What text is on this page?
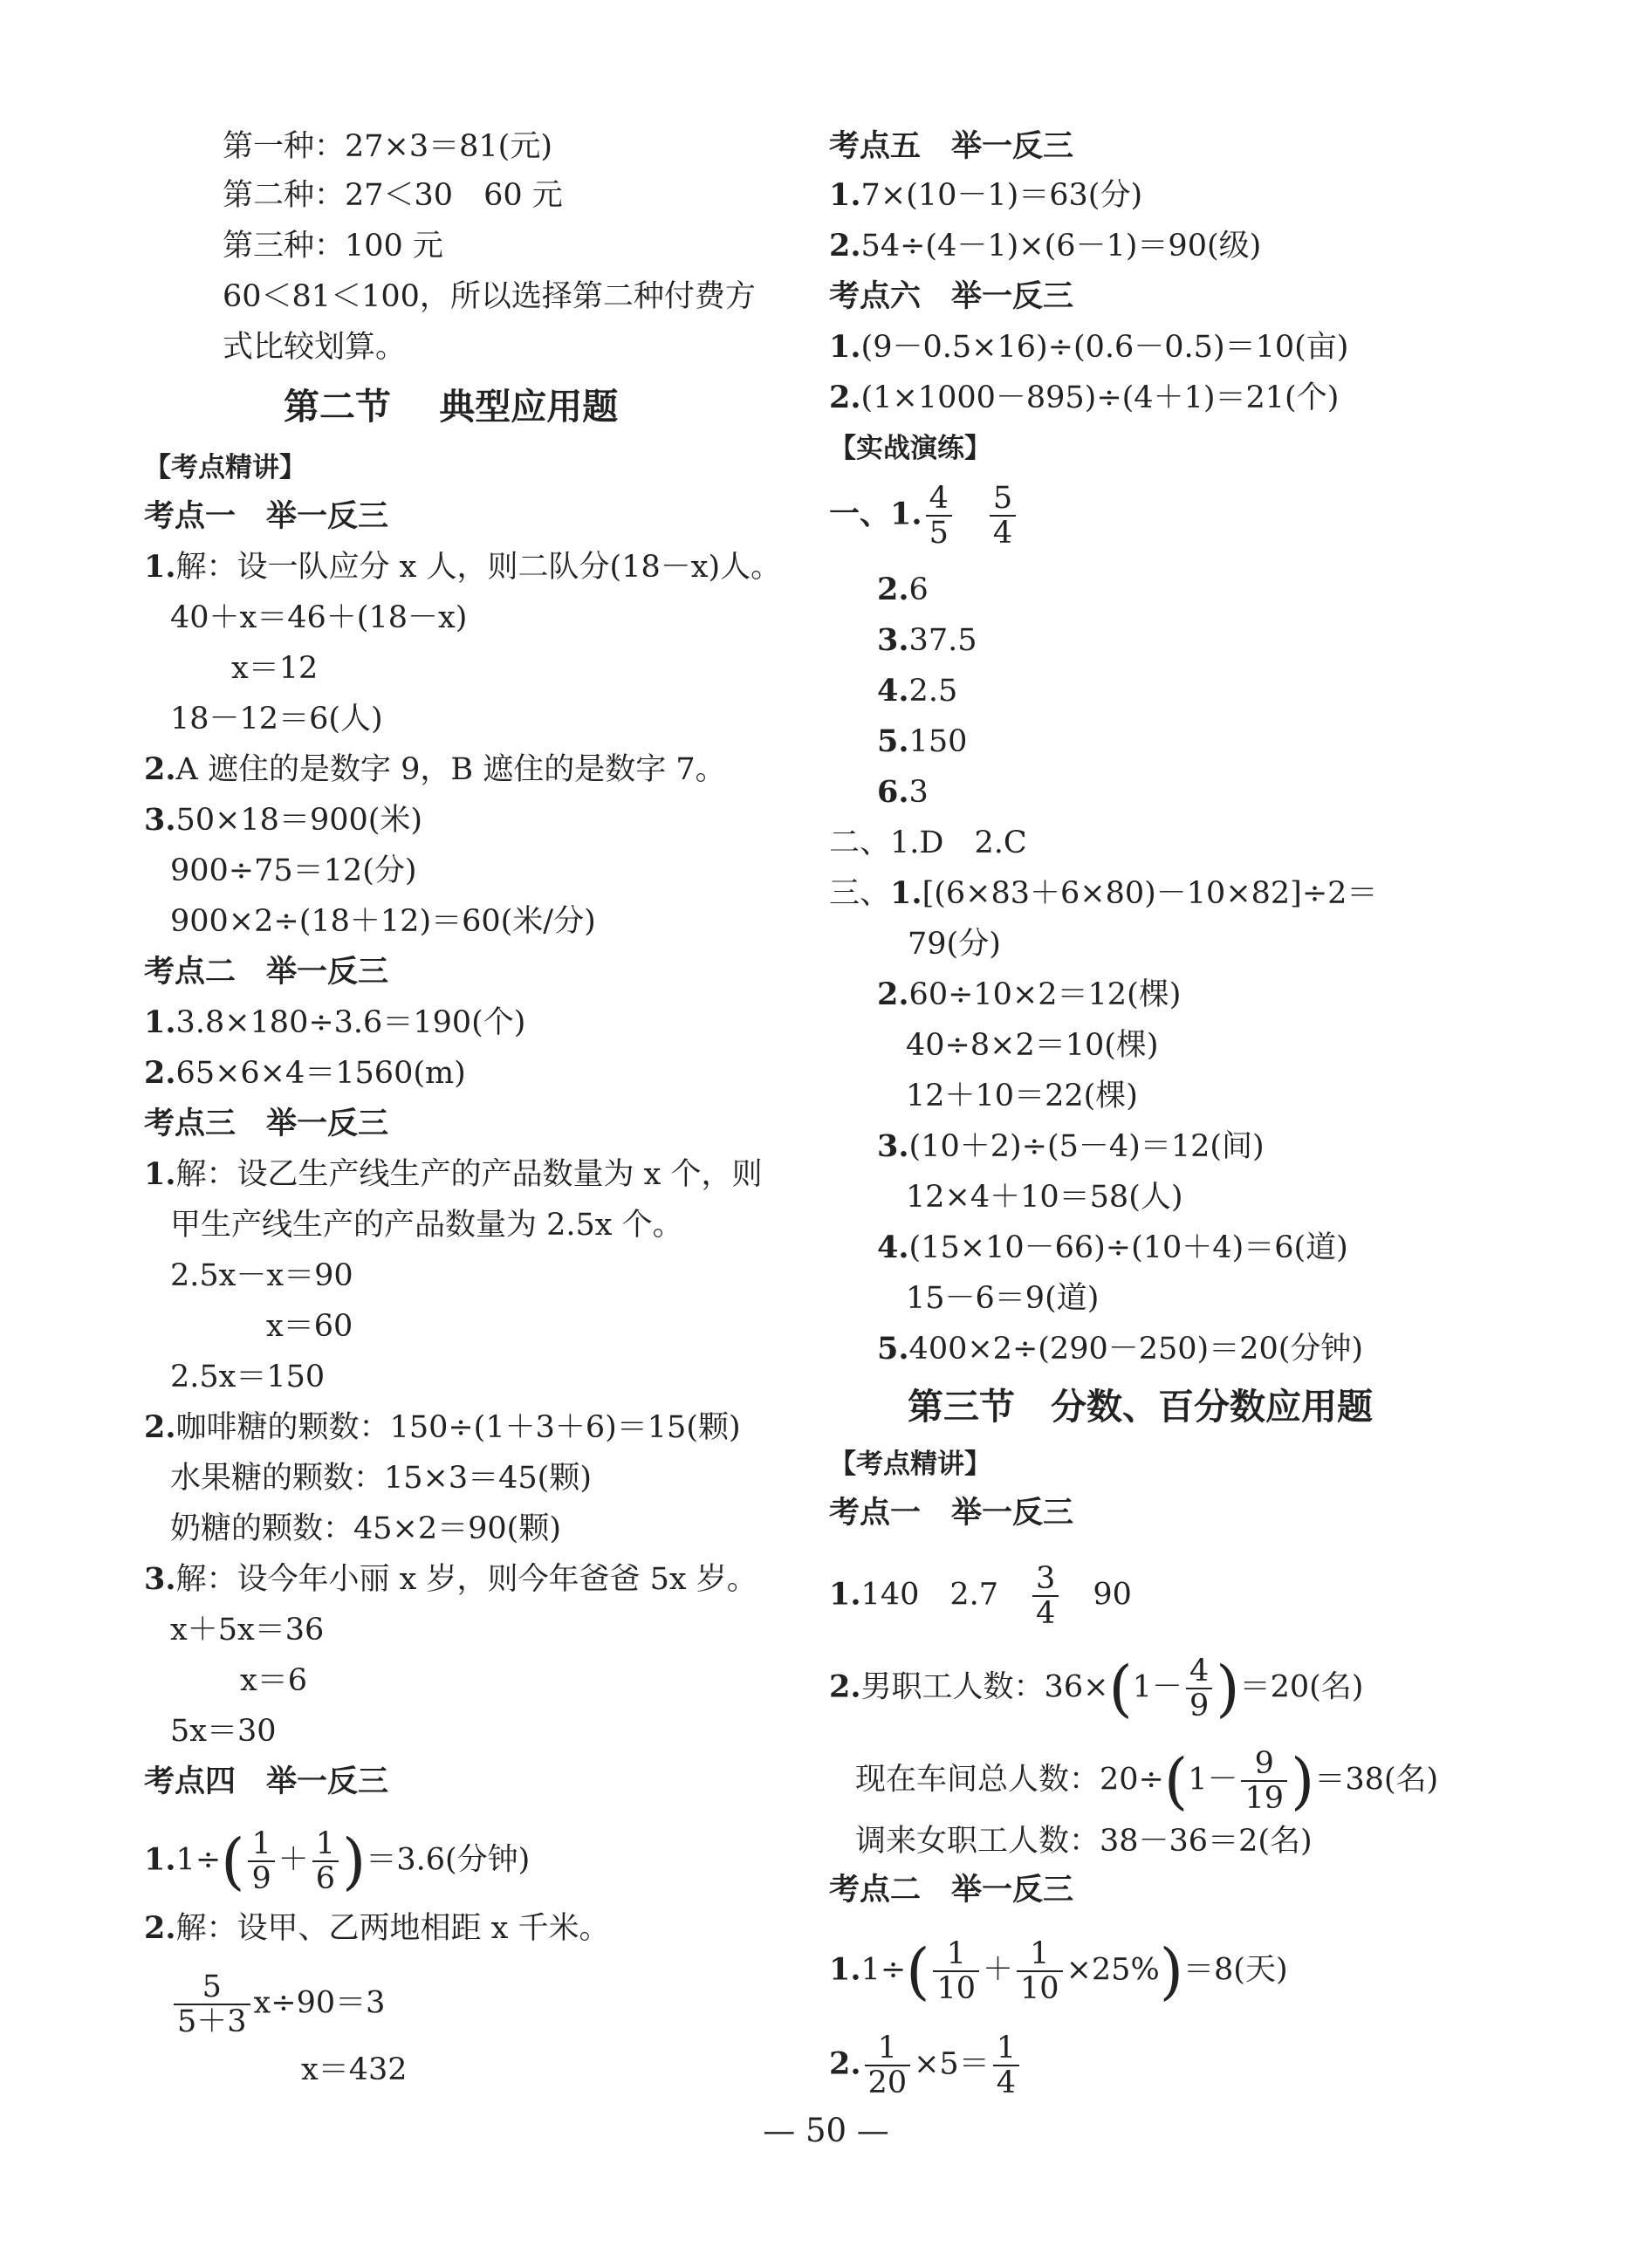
第一种：27×3＝81(元)
第二种：27＜30　60 元
第三种：100 元
60＜81＜100，所以选择第二种付费方
式比较划算。
第二节　 典型应用题
【考点精讲】
考点一　举一反三
1.解：设一队应分 x 人，则二队分(18－x)人。
40＋x＝46＋(18－x)
x＝12
18－12＝6(人)
2.A 遮住的是数字 9，B 遮住的是数字 7。
3.50×18＝900(米)
900÷75＝12(分)
900×2÷(18＋12)＝60(米/分)
考点二　举一反三
1.3.8×180÷3.6＝190(个)
2.65×6×4＝1560(m)
考点三　举一反三
1.解：设乙生产线生产的产品数量为 x 个，则
甲生产线生产的产品数量为 2.5x 个。
2.5x－x＝90
x＝60
2.5x＝150
2.咖啡糖的颗数：150÷(1＋3＋6)＝15(颗)
水果糖的颗数：15×3＝45(颗)
奶糖的颗数：45×2＝90(颗)
3.解：设今年小丽 x 岁，则今年爸爸 5x 岁。
x＋5x＝36
x＝6
5x＝30
考点四　举一反三
$1.1\div( \frac{1}{9} + \frac{1}{6} )=3.6$(分钟)
2.解：设甲、乙两地相距 x 千米。
$\frac{5}{5+3} x\div 90=3$
x＝432
考点五　举一反三
1.7×(10－1)＝63(分)
2.54÷(4－1)×(6－1)＝90(级)
考点六　举一反三
1.(9－0.5×16)÷(0.6－0.5)＝10(亩)
2.(1×1000－895)÷(4＋1)＝21(个)
【实战演练】
一、1. $\frac{4}{5}$
　 $\frac{5}{4}$
2.6
3.37.5
4.2.5
5.150
6.3
二、1.D　2.C
三、1.[(6×83＋6×80)－10×82]÷2＝
79(分)
2.60÷10×2＝12(棵)
40÷8×2＝10(棵)
12＋10＝22(棵)
3.(10＋2)÷(5－4)＝12(间)
12×4＋10＝58(人)
4.(15×10－66)÷(10＋4)＝6(道)
15－6＝9(道)
5.400×2÷(290－250)＝20(分钟)
第三节　分数、百分数应用题
【考点精讲】
考点一　举一反三
1.140　2.7　 $\frac{3}{4}$
　 90
2.男职工人数：$36\times(1- \frac{4}{9} )=20$(名)
现在车间总人数：$20\div(1- \frac{9}{19} )=38$(名)
调来女职工人数：38－36＝2(名)
考点二　举一反三
$1.1\div( \frac{1}{10} + \frac{1}{10} \times 25\%)=8$(天)
2. $\frac{1}{20} \times 5= \frac{1}{4}$
— 50 —
